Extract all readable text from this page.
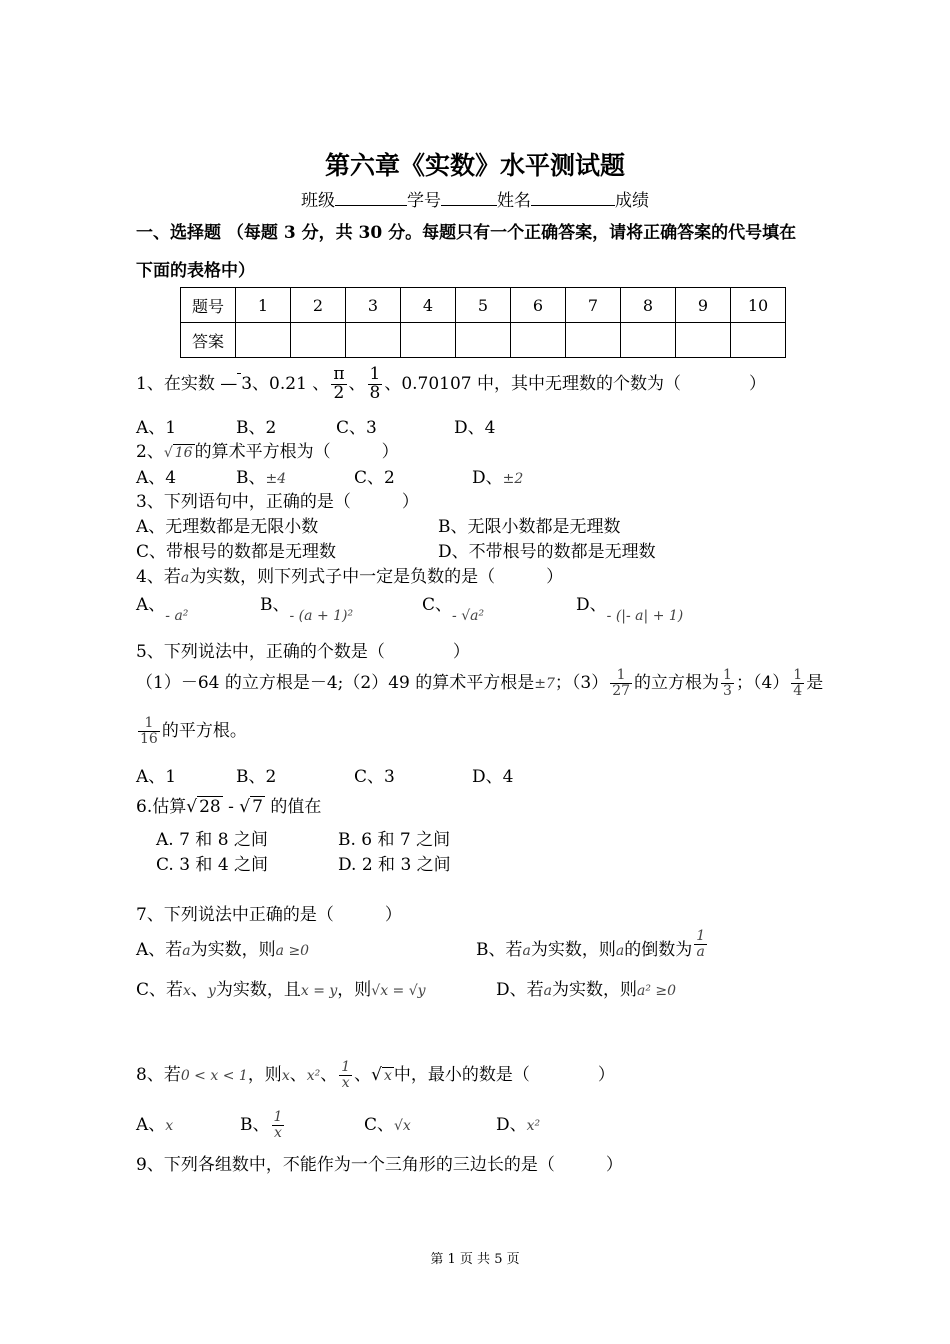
第六章《实数》水平测试题
班级	学号	姓名	成绩
一、选择题 （每题 3 分，共 30 分。每题只有一个正确答案，请将正确答案的代号填在
下面的表格中）
题号	1	2	3	4	5	6	7	8	9	10
答案										
1、在实数 — 3、0.21 、 $\frac{\pi}{2}$ 、 $\frac{1}{8}$ 、0.70107 中，其中无理数的个数为（　　　　）
A、1	B、2	C、3	D、4
2、√ 16 的算术平方根为（　　　）
A、4	B、±4	C、2	D、±2
3、下列语句中，正确的是（　　　）
A、无理数都是无限小数	B、无限小数都是无理数
C、带根号的数都是无理数	D、不带根号的数都是无理数
4、若a为实数，则下列式子中一定是负数的是（　　　）
A、$_{- a^2}$B、$_{- (a + 1)^2}$C、$_{- √a^2}$D、$_{- (|- a| + 1)}$
5、下列说法中，正确的个数是（　　　　）
（1）－64 的立方根是－4;（2）49 的算术平方根是±7；$(3) \frac{1}{27}$ 的立方根为 $\frac{1}{3}$ ；$(4) \frac{1}{4}$ 是
$\frac{1}{16}$ 的平方根。
A、1	B、2	C、3	D、4
6.估算√ 28 - √ 7 的值在
A. 7 和 8 之间	B. 6 和 7 之间
C. 3 和 4 之间	D. 2 和 3 之间
7、下列说法中正确的是（　　　）
A、若a为实数，则a ≥0	B、若a为实数，则a的倒数为 $\frac{1}{a}$
C、若x、y为实数，且x = y，则√x = √y	D、若a为实数，则a² ≥0
8、若0 < x < 1，则x、x²、 $\frac{1}{x}$ 、√ x 中，最小的数是（　　　　）
A、x	B、 $\frac{1}{x}$	C、√x	D、x²
9、下列各组数中，不能作为一个三角形的三边长的是（　　　）
第 1 页 共 5 页
